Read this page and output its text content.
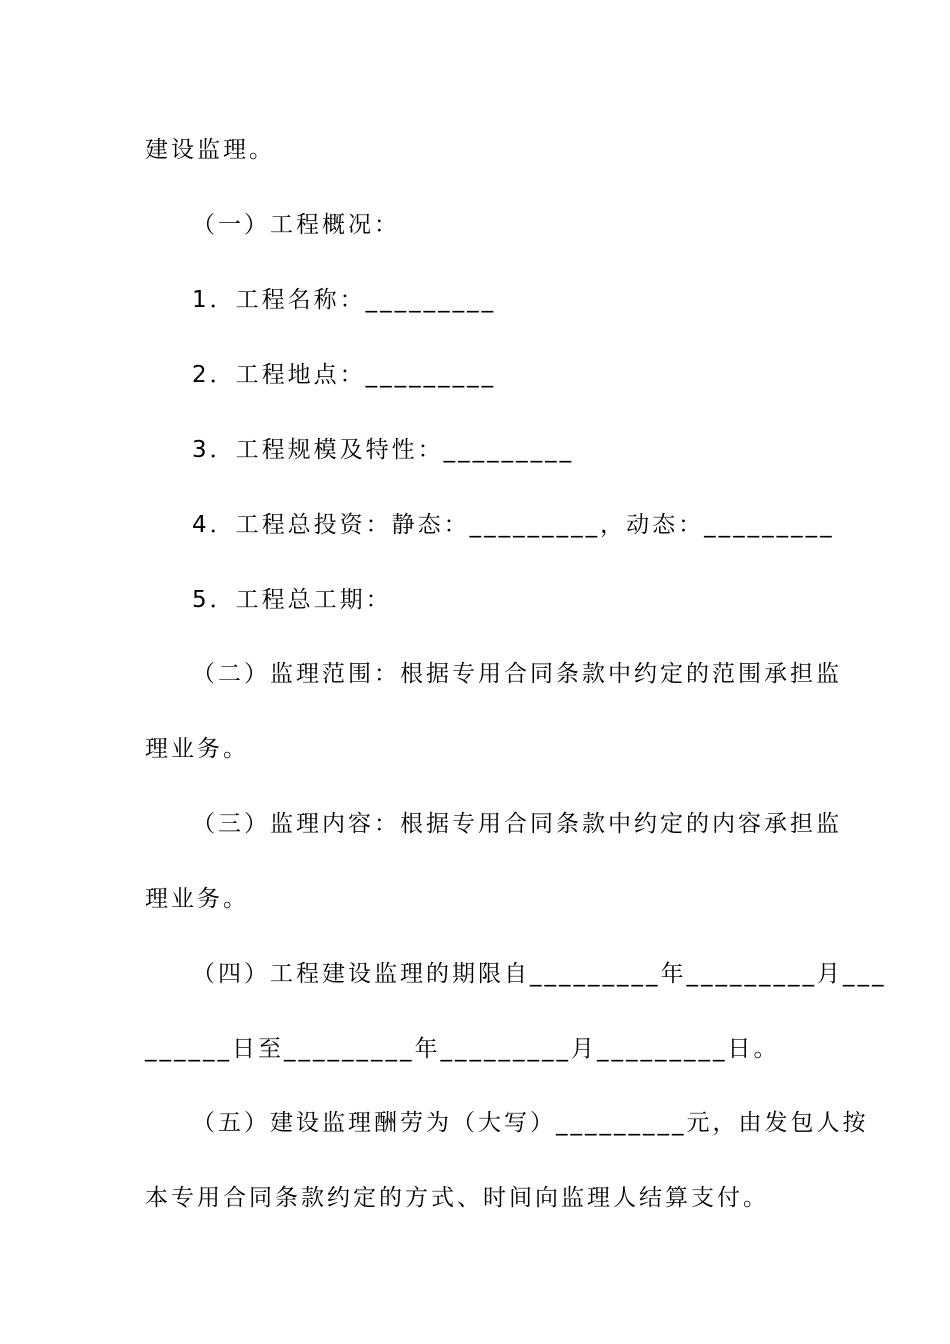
建设监理。
（一）工程概况：
1．工程名称：_________
2．工程地点：_________
3．工程规模及特性：_________
4．工程总投资：静态：_________，动态：_________
5．工程总工期：
（二）监理范围：根据专用合同条款中约定的范围承担监
理业务。
（三）监理内容：根据专用合同条款中约定的内容承担监
理业务。
（四）工程建设监理的期限自_________年_________月___
______日至_________年_________月_________日。
（五）建设监理酬劳为（大写）_________元，由发包人按
本专用合同条款约定的方式、时间向监理人结算支付。
